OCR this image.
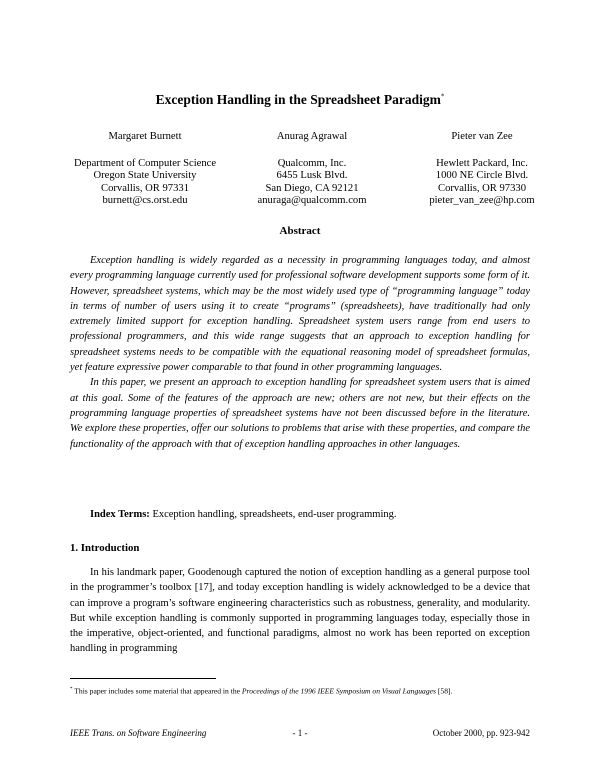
Exception Handling in the Spreadsheet Paradigm*
Margaret Burnett
Department of Computer Science
Oregon State University
Corvallis, OR 97331
burnett@cs.orst.edu
Anurag Agrawal
Qualcomm, Inc.
6455 Lusk Blvd.
San Diego, CA 92121
anuraga@qualcomm.com
Pieter van Zee
Hewlett Packard, Inc.
1000 NE Circle Blvd.
Corvallis, OR 97330
pieter_van_zee@hp.com
Abstract

Exception handling is widely regarded as a necessity in programming languages today, and almost every programming language currently used for professional software development supports some form of it. However, spreadsheet systems, which may be the most widely used type of “programming language” today in terms of number of users using it to create “programs” (spreadsheets), have traditionally had only extremely limited support for exception handling. Spreadsheet system users range from end users to professional programmers, and this wide range suggests that an approach to exception handling for spreadsheet systems needs to be compatible with the equational reasoning model of spreadsheet formulas, yet feature expressive power comparable to that found in other programming languages.

In this paper, we present an approach to exception handling for spreadsheet system users that is aimed at this goal. Some of the features of the approach are new; others are not new, but their effects on the programming language properties of spreadsheet systems have not been discussed before in the literature. We explore these properties, offer our solutions to problems that arise with these properties, and compare the functionality of the approach with that of exception handling approaches in other languages.

Index Terms: Exception handling, spreadsheets, end-user programming.
1. Introduction

In his landmark paper, Goodenough captured the notion of exception handling as a general purpose tool in the programmer’s toolbox [17], and today exception handling is widely acknowledged to be a device that can improve a program’s software engineering characteristics such as robustness, generality, and modularity. But while exception handling is commonly supported in programming languages today, especially those in the imperative, object-oriented, and functional paradigms, almost no work has been reported on exception handling in programming

* This paper includes some material that appeared in the Proceedings of the 1996 IEEE Symposium on Visual Languages [58].
IEEE Trans. on Software Engineering	- 1 -	October 2000, pp. 923-942
